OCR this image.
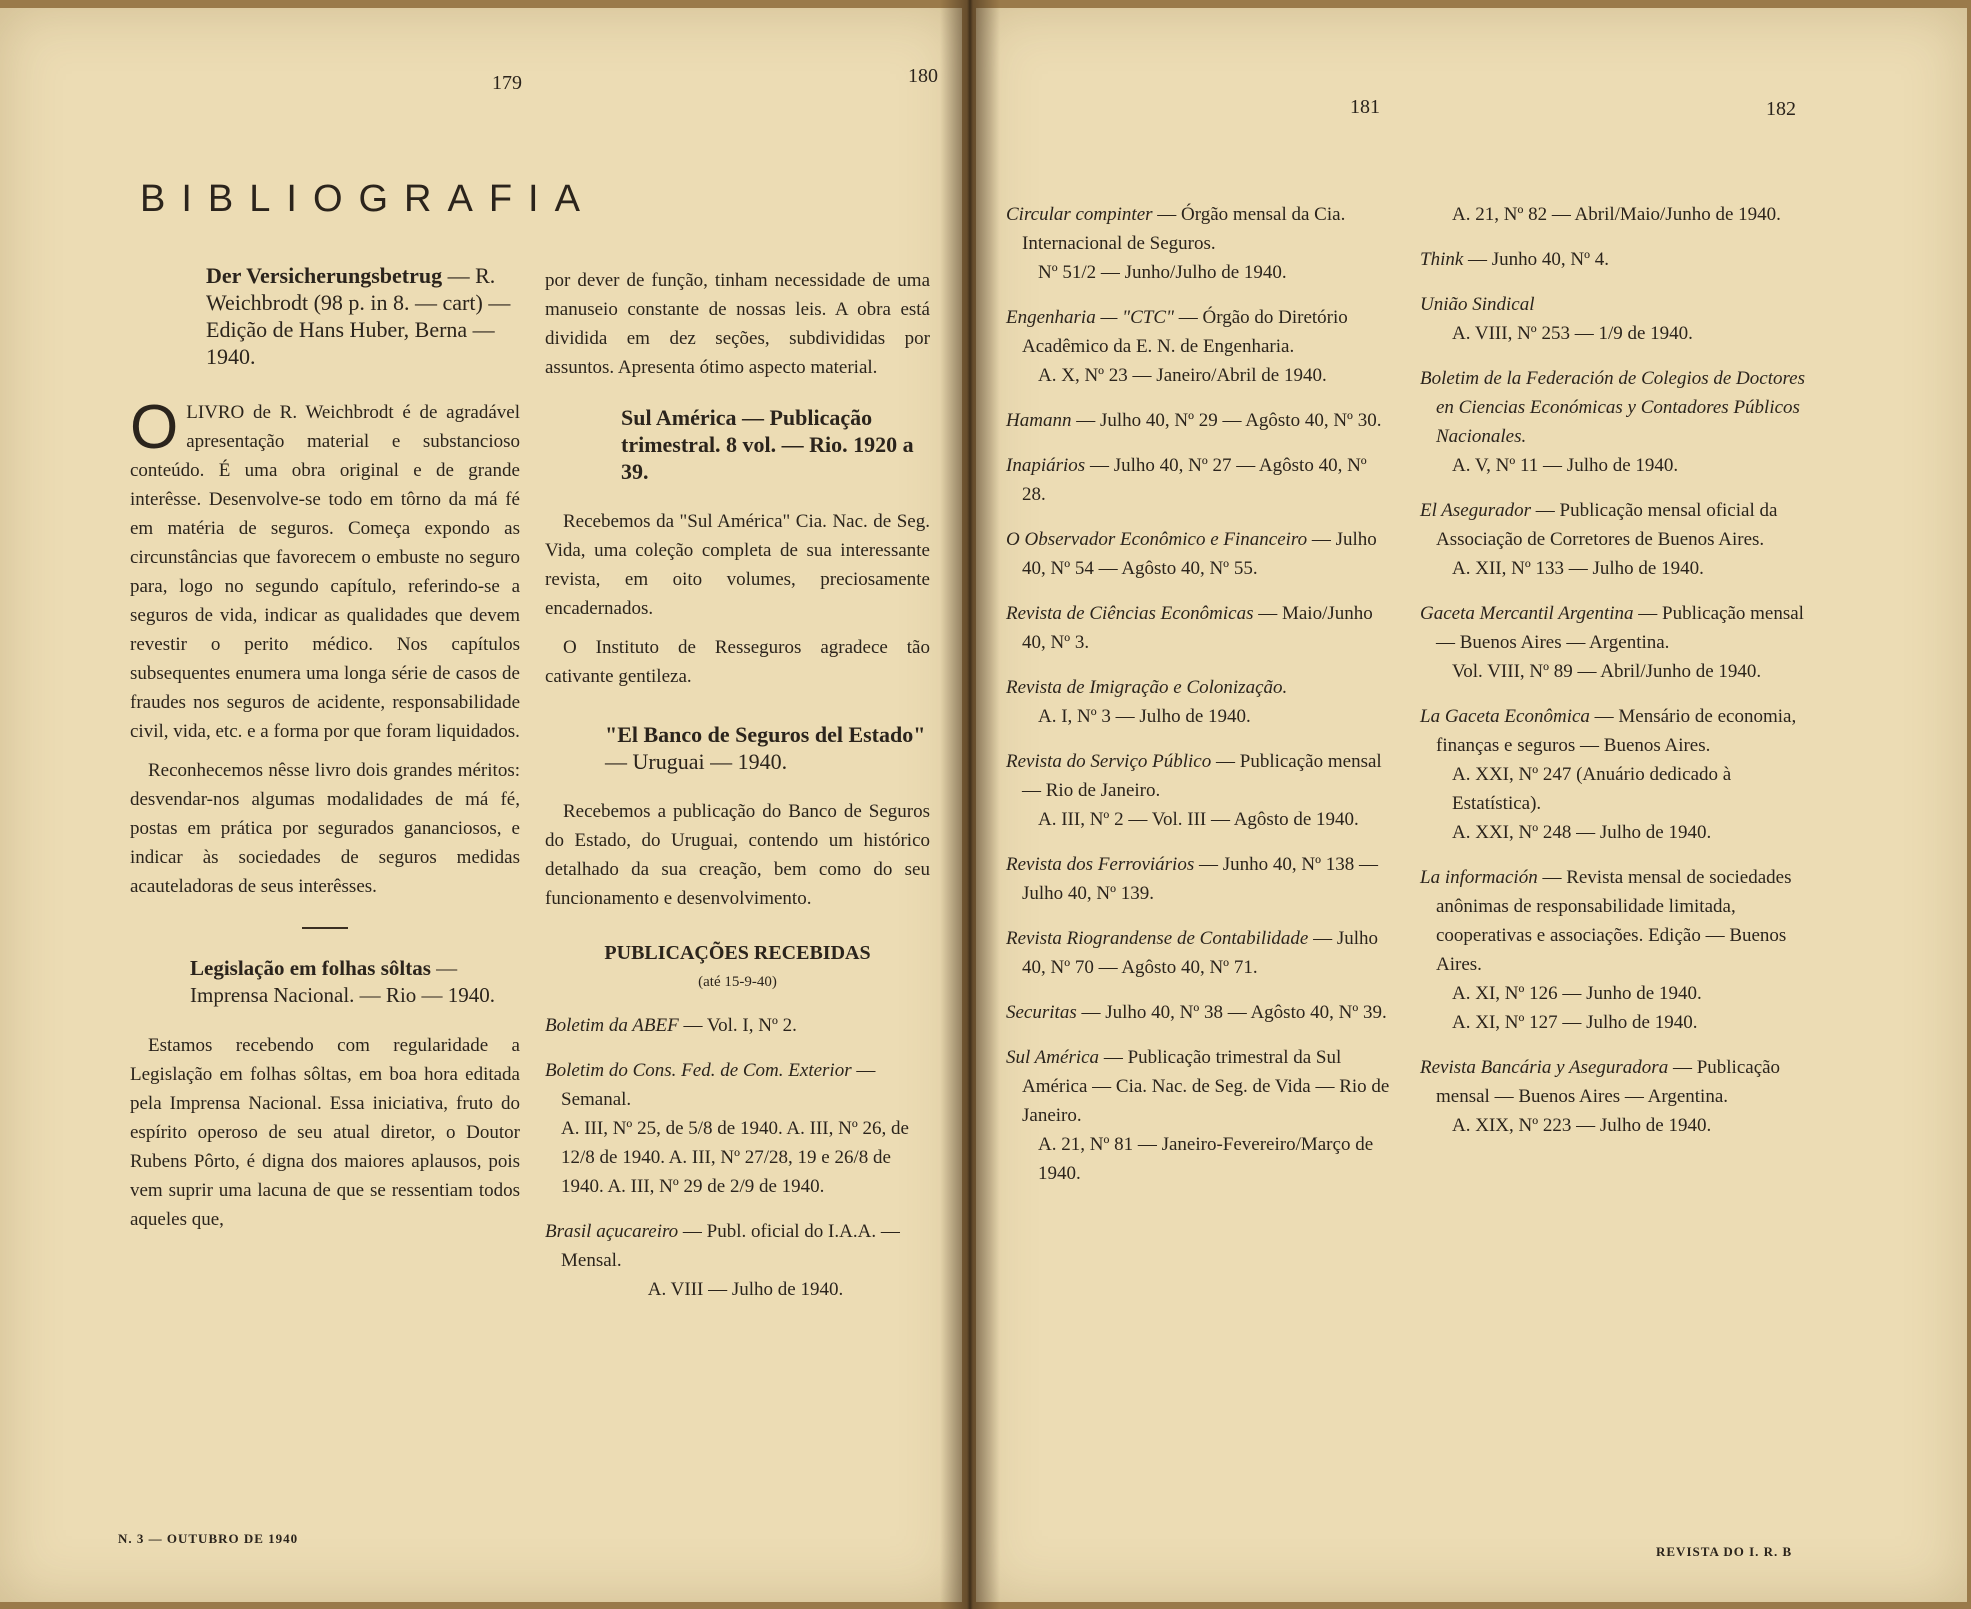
179	180
181	182
BIBLIOGRAFIA
Der Versicherungsbetrug — R. Weichbrodt (98 p. in 8. — cart) — Edição de Hans Huber, Berna — 1940.

OLIVRO de R. Weichbrodt é de agradável apresentação material e substancioso conteúdo. É uma obra original e de grande interêsse. Desenvolve-se todo em tôrno da má fé em matéria de seguros. Começa expondo as circunstâncias que favorecem o embuste no seguro para, logo no segundo capítulo, referindo-se a seguros de vida, indicar as qualidades que devem revestir o perito médico. Nos capítulos subsequentes enumera uma longa série de casos de fraudes nos seguros de acidente, responsabilidade civil, vida, etc. e a forma por que foram liquidados.

Reconhecemos nêsse livro dois grandes méritos: desvendar-nos algumas modalidades de má fé, postas em prática por segurados gananciosos, e indicar às sociedades de seguros medidas acauteladoras de seus interêsses.

Legislação em folhas sôltas — Imprensa Nacional. — Rio — 1940.

Estamos recebendo com regularidade a Legislação em folhas sôltas, em boa hora editada pela Imprensa Nacional. Essa iniciativa, fruto do espírito operoso de seu atual diretor, o Doutor Rubens Pôrto, é digna dos maiores aplausos, pois vem suprir uma lacuna de que se ressentiam todos aqueles que,

por dever de função, tinham necessidade de uma manuseio constante de nossas leis. A obra está dividida em dez seções, subdivididas por assuntos. Apresenta ótimo aspecto material.

Sul América — Publicação trimestral. 8 vol. — Rio. 1920 a 39.

Recebemos da "Sul América" Cia. Nac. de Seg. Vida, uma coleção completa de sua interessante revista, em oito volumes, preciosamente encadernados.

O Instituto de Resseguros agradece tão cativante gentileza.

"El Banco de Seguros del Estado" — Uruguai — 1940.

Recebemos a publicação do Banco de Seguros do Estado, do Uruguai, contendo um histórico detalhado da sua creação, bem como do seu funcionamento e desenvolvimento.

PUBLICAÇÕES RECEBIDAS

(até 15-9-40)

Boletim da ABEF — Vol. I, Nº 2.
Boletim do Cons. Fed. de Com. Exterior — Semanal.
A. III, Nº 25, de 5/8 de 1940. A. III, Nº 26, de 12/8 de 1940. A. III, Nº 27/28, 19 e 26/8 de 1940. A. III, Nº 29 de 2/9 de 1940.
Brasil açucareiro — Publ. oficial do I.A.A. — Mensal.
A. VIII — Julho de 1940.
Circular compinter — Órgão mensal da Cia. Internacional de Seguros.
Nº 51/2 — Junho/Julho de 1940.
Engenharia — "CTC" — Órgão do Diretório Acadêmico da E. N. de Engenharia.
A. X, Nº 23 — Janeiro/Abril de 1940.
Hamann — Julho 40, Nº 29 — Agôsto 40, Nº 30.
Inapiários — Julho 40, Nº 27 — Agôsto 40, Nº 28.
O Observador Econômico e Financeiro — Julho 40, Nº 54 — Agôsto 40, Nº 55.
Revista de Ciências Econômicas — Maio/Junho 40, Nº 3.
Revista de Imigração e Colonização.
A. I, Nº 3 — Julho de 1940.
Revista do Serviço Público — Publicação mensal — Rio de Janeiro.
A. III, Nº 2 — Vol. III — Agôsto de 1940.
Revista dos Ferroviários — Junho 40, Nº 138 — Julho 40, Nº 139.
Revista Riograndense de Contabilidade — Julho 40, Nº 70 — Agôsto 40, Nº 71.
Securitas — Julho 40, Nº 38 — Agôsto 40, Nº 39.
Sul América — Publicação trimestral da Sul América — Cia. Nac. de Seg. de Vida — Rio de Janeiro.
A. 21, Nº 81 — Janeiro-Fevereiro/Março de 1940.
A. 21, Nº 82 — Abril/Maio/Junho de 1940.
Think — Junho 40, Nº 4.
União Sindical
A. VIII, Nº 253 — 1/9 de 1940.
Boletim de la Federación de Colegios de Doctores en Ciencias Económicas y Contadores Públicos Nacionales.
A. V, Nº 11 — Julho de 1940.
El Asegurador — Publicação mensal oficial da Associação de Corretores de Buenos Aires.
A. XII, Nº 133 — Julho de 1940.
Gaceta Mercantil Argentina — Publicação mensal — Buenos Aires — Argentina.
Vol. VIII, Nº 89 — Abril/Junho de 1940.
La Gaceta Econômica — Mensário de economia, finanças e seguros — Buenos Aires.
A. XXI, Nº 247 (Anuário dedicado à Estatística).
A. XXI, Nº 248 — Julho de 1940.
La información — Revista mensal de sociedades anônimas de responsabilidade limitada, cooperativas e associações. Edição — Buenos Aires.
A. XI, Nº 126 — Junho de 1940.
A. XI, Nº 127 — Julho de 1940.
Revista Bancária y Aseguradora — Publicação mensal — Buenos Aires — Argentina.
A. XIX, Nº 223 — Julho de 1940.
N. 3 — OUTUBRO DE 1940
REVISTA DO I. R. B
